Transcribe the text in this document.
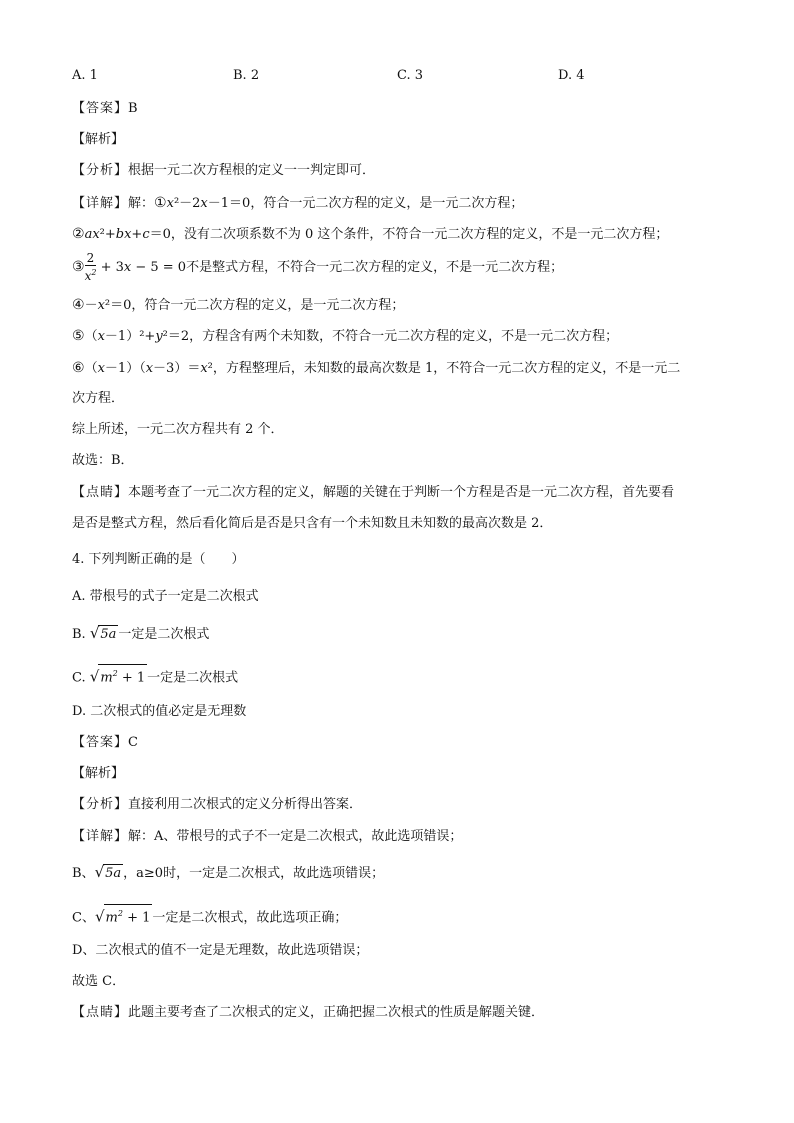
A. 1	B. 2	C. 3	D. 4
【答案】B
【解析】
【分析】根据一元二次方程根的定义一一判定即可．
【详解】解：①x²－2x－1＝0，符合一元二次方程的定义，是一元二次方程；
②ax²+bx+c＝0，没有二次项系数不为 0 这个条件，不符合一元二次方程的定义，不是一元二次方程；
③ $\frac{2}{x^2} + 3x - 5 = 0$不是整式方程，不符合一元二次方程的定义，不是一元二次方程；
④－x²＝0，符合一元二次方程的定义，是一元二次方程；
⑤（x－1）²+y²＝2，方程含有两个未知数，不符合一元二次方程的定义，不是一元二次方程；
⑥（x－1）（x－3）＝x²，方程整理后，未知数的最高次数是 1，不符合一元二次方程的定义，不是一元二
次方程．
综上所述，一元二次方程共有 2 个．
故选：B．
【点睛】本题考查了一元二次方程的定义，解题的关键在于判断一个方程是否是一元二次方程，首先要看
是否是整式方程，然后看化简后是否是只含有一个未知数且未知数的最高次数是 2．
4. 下列判断正确的是（　　）
A. 带根号的式子一定是二次根式
B. √5a 一定是二次根式
C. $√m^2 + 1$ 一定是二次根式
D. 二次根式的值必定是无理数
【答案】C
【解析】
【分析】直接利用二次根式的定义分析得出答案．
【详解】解：A、带根号的式子不一定是二次根式，故此选项错误；
B、√5a ，a≥0时，一定是二次根式，故此选项错误；
C、$√m^2 + 1$ 一定是二次根式，故此选项正确；
D、二次根式的值不一定是无理数，故此选项错误；
故选 C．
【点睛】此题主要考查了二次根式的定义，正确把握二次根式的性质是解题关键．
